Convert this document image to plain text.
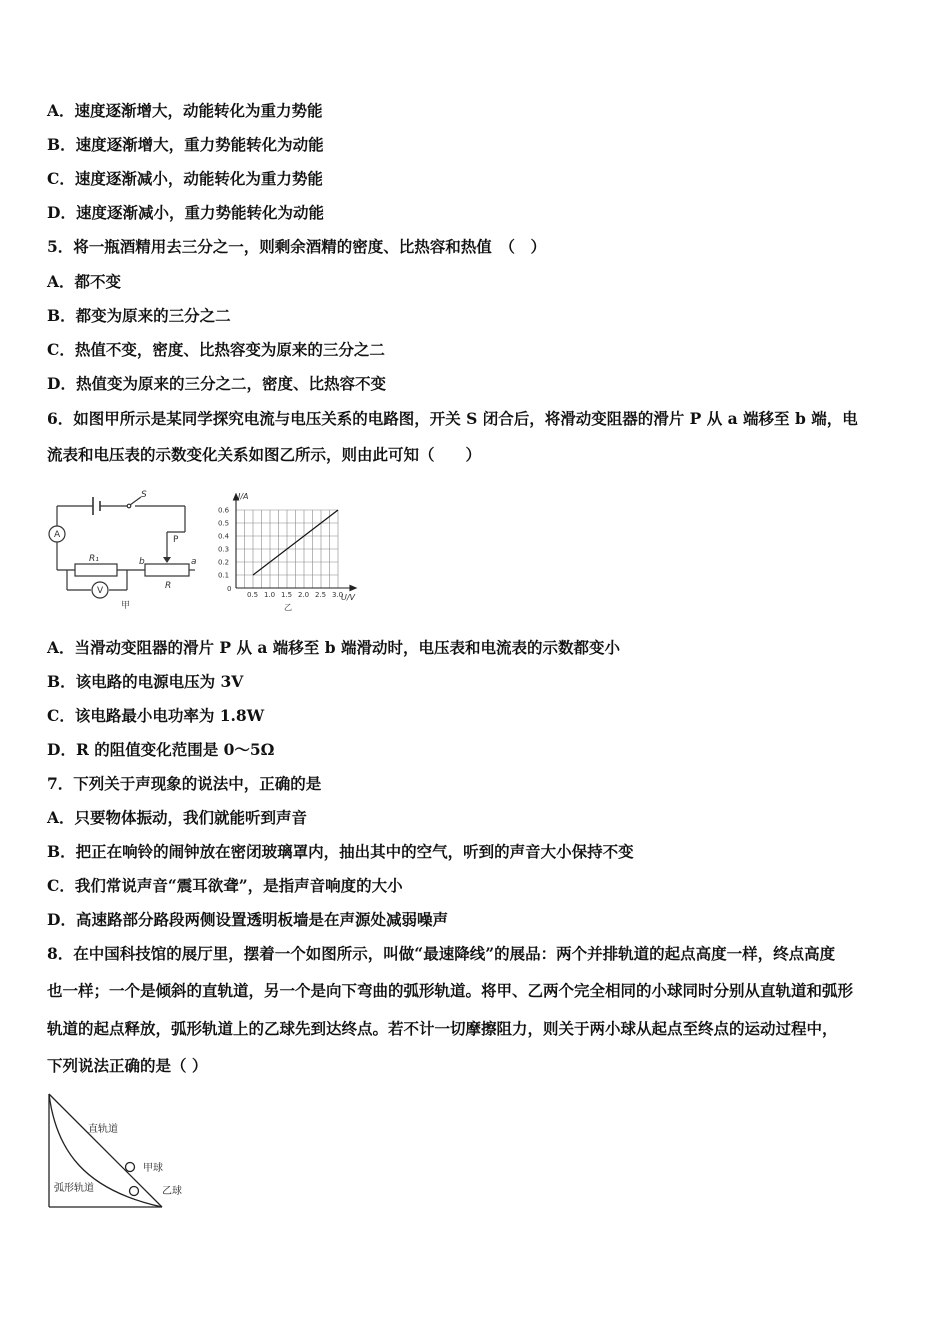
A．速度逐渐增大，动能转化为重力势能

B．速度逐渐增大，重力势能转化为动能

C．速度逐渐减小，动能转化为重力势能

D．速度逐渐减小，重力势能转化为动能

5．将一瓶酒精用去三分之一，则剩余酒精的密度、比热容和热值　（　）

A．都不变

B．都变为原来的三分之二

C．热值不变，密度、比热容变为原来的三分之二

D．热值变为原来的三分之二，密度、比热容不变

6．如图甲所示是某同学探究电流与电压关系的电路图，开关 S 闭合后，将滑动变阻器的滑片 P 从 a 端移至 b 端，电

流表和电压表的示数变化关系如图乙所示，则由此可知（　　）

A
V
S
R₁
R
P
a
b
甲
0.6
0.5
0.4
0.3
0.2
0.1
0.5 1.0 1.5 2.0 2.5 3.0
I/A
U/V
乙
0

A．当滑动变阻器的滑片 P 从 a 端移至 b 端滑动时，电压表和电流表的示数都变小

B．该电路的电源电压为 3V

C．该电路最小电功率为 1.8W

D．R 的阻值变化范围是 0～5Ω

7．下列关于声现象的说法中，正确的是

A．只要物体振动，我们就能听到声音

B．把正在响铃的闹钟放在密闭玻璃罩内，抽出其中的空气，听到的声音大小保持不变

C．我们常说声音“震耳欲聋”，是指声音响度的大小

D．高速路部分路段两侧设置透明板墙是在声源处减弱噪声

8．在中国科技馆的展厅里，摆着一个如图所示，叫做“最速降线”的展品：两个并排轨道的起点高度一样，终点高度

也一样；一个是倾斜的直轨道，另一个是向下弯曲的弧形轨道。将甲、乙两个完全相同的小球同时分别从直轨道和弧形

轨道的起点释放，弧形轨道上的乙球先到达终点。若不计一切摩擦阻力，则关于两小球从起点至终点的运动过程中，

下列说法正确的是（ ）

直轨道
弧形轨道
甲球
乙球
